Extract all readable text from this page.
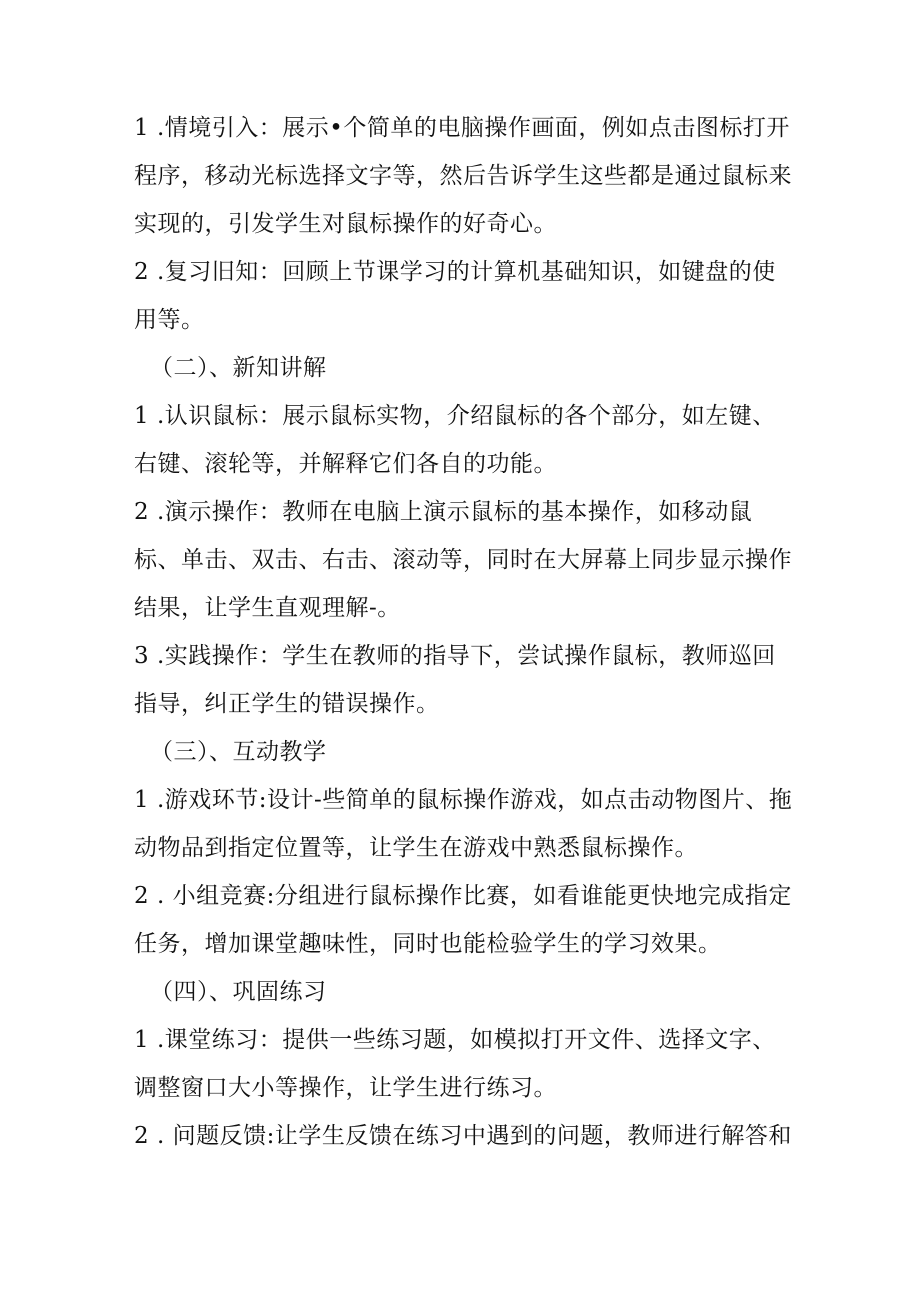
1 .情境引入：展示•个简单的电脑操作画面，例如点击图标打开程序，移动光标选择文字等，然后告诉学生这些都是通过鼠标来实现的，引发学生对鼠标操作的好奇心。
2 .复习旧知：回顾上节课学习的计算机基础知识，如键盘的使用等。
（二）、新知讲解
1 .认识鼠标：展示鼠标实物，介绍鼠标的各个部分，如左键、右键、滚轮等，并解释它们各自的功能。
2 .演示操作：教师在电脑上演示鼠标的基本操作，如移动鼠标、单击、双击、右击、滚动等，同时在大屏幕上同步显示操作结果，让学生直观理解-。
3 .实践操作：学生在教师的指导下，尝试操作鼠标，教师巡回指导，纠正学生的错误操作。
（三）、互动教学
1 .游戏环节:设计-些简单的鼠标操作游戏，如点击动物图片、拖动物品到指定位置等，让学生在游戏中熟悉鼠标操作。
2 . 小组竞赛:分组进行鼠标操作比赛，如看谁能更快地完成指定任务，增加课堂趣味性，同时也能检验学生的学习效果。
（四）、巩固练习
1 .课堂练习：提供一些练习题，如模拟打开文件、选择文字、调整窗口大小等操作，让学生进行练习。
2 . 问题反馈:让学生反馈在练习中遇到的问题，教师进行解答和
